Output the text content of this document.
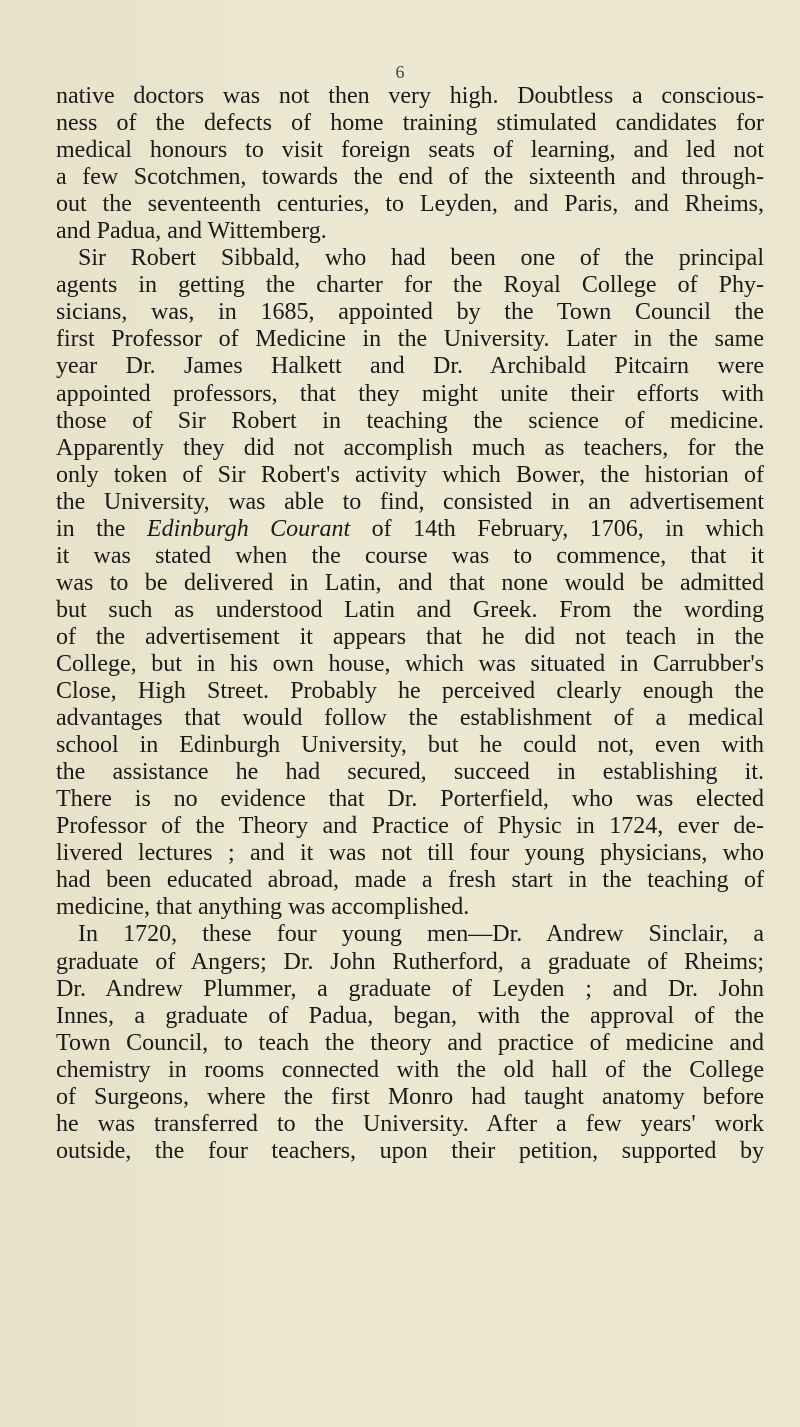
6
native doctors was not then very high. Doubtless a conscious-
ness of the defects of home training stimulated candidates for
medical honours to visit foreign seats of learning, and led not
a few Scotchmen, towards the end of the sixteenth and through-
out the seventeenth centuries, to Leyden, and Paris, and Rheims,
and Padua, and Wittemberg.
Sir Robert Sibbald, who had been one of the principal
agents in getting the charter for the Royal College of Phy-
sicians, was, in 1685, appointed by the Town Council the
first Professor of Medicine in the University. Later in the same
year Dr. James Halkett and Dr. Archibald Pitcairn were
appointed professors, that they might unite their efforts with
those of Sir Robert in teaching the science of medicine.
Apparently they did not accomplish much as teachers, for the
only token of Sir Robert's activity which Bower, the historian of
the University, was able to find, consisted in an advertisement
in the Edinburgh Courant of 14th February, 1706, in which
it was stated when the course was to commence, that it
was to be delivered in Latin, and that none would be admitted
but such as understood Latin and Greek. From the wording
of the advertisement it appears that he did not teach in the
College, but in his own house, which was situated in Carrubber's
Close, High Street. Probably he perceived clearly enough the
advantages that would follow the establishment of a medical
school in Edinburgh University, but he could not, even with
the assistance he had secured, succeed in establishing it.
There is no evidence that Dr. Porterfield, who was elected
Professor of the Theory and Practice of Physic in 1724, ever de-
livered lectures ; and it was not till four young physicians, who
had been educated abroad, made a fresh start in the teaching of
medicine, that anything was accomplished.
In 1720, these four young men—Dr. Andrew Sinclair, a
graduate of Angers; Dr. John Rutherford, a graduate of Rheims;
Dr. Andrew Plummer, a graduate of Leyden ; and Dr. John
Innes, a graduate of Padua, began, with the approval of the
Town Council, to teach the theory and practice of medicine and
chemistry in rooms connected with the old hall of the College
of Surgeons, where the first Monro had taught anatomy before
he was transferred to the University. After a few years' work
outside, the four teachers, upon their petition, supported by
